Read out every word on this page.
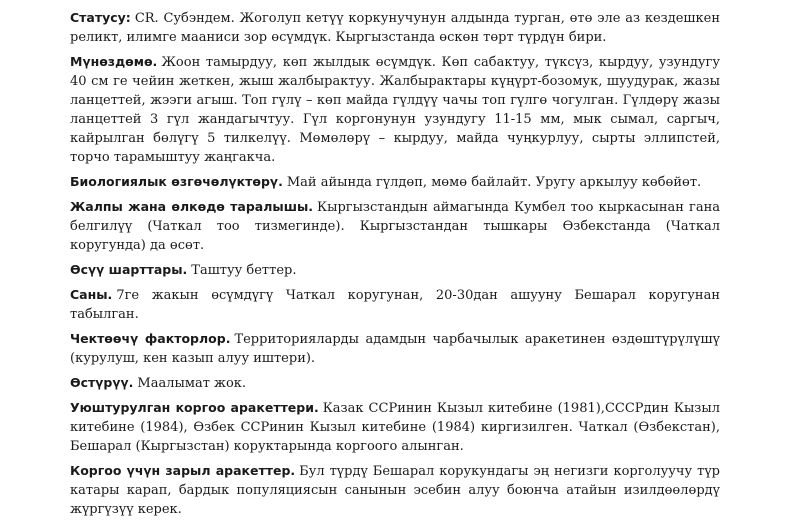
Статусу: CR. Субэндем. Жоголуп кетүү коркунучунун алдында турган, өтө эле аз кездешкен реликт, илимге мааниси зор өсүмдүк. Кыргызстанда өскөн төрт түрдүн бири.

Мүнөздөмө. Жоон тамырдуу, көп жылдык өсүмдүк. Көп сабактуу, түксүз, кырдуу, узундугу 40 см ге чейин жеткен, жыш жалбырактуу. Жалбырактары күңүрт-бозомук, шуудурак, жазы ланцеттей, жээги агыш. Топ гүлү – көп майда гүлдүү чачы топ гүлгө чогулган. Гүлдөрү жазы ланцеттей 3 гүл жандагычтуу. Гүл коргонунун узундугу 11-15 мм, мык сымал, саргыч, кайрылган бөлүгү 5 тилкелүү. Мөмөлөрү – кырдуу, майда чуңкурлуу, сырты эллипстей, торчо тарамыштуу жаңгакча.

Биологиялык өзгөчөлүктөрү. Май айында гүлдөп, мөмө байлайт. Уругу аркылуу көбөйөт.

Жалпы жана өлкөдө таралышы. Кыргызстандын аймагында Кумбел тоо кыркасынан гана белгилүү (Чаткал тоо тизмегинде). Кыргызстандан тышкары Өзбекстанда (Чаткал коругунда) да өсөт.

Өсүү шарттары. Таштуу беттер.

Саны. 7ге жакын өсүмдүгү Чаткал коругунан, 20-30дан ашууну Бешарал коругунан табылган.

Чектөөчү факторлор. Территорияларды адамдын чарбачылык аракетинен өздөштүрүлүшү (курулуш, кен казып алуу иштери).

Өстүрүү. Маалымат жок.

Уюштурулган коргоо аракеттери. Казак ССРинин Кызыл китебине (1981),СССРдин Кызыл китебине (1984), Өзбек ССРинин Кызыл китебине (1984) киргизилген. Чаткал (Өзбекстан), Бешарал (Кыргызстан) коруктарында коргоого алынган.

Коргоо үчүн зарыл аракеттер. Бул түрдү Бешарал корукундагы эң негизги корголуучу түр катары карап, бардык популяциясын санынын эсебин алуу боюнча атайын изилдөөлөрдү жүргүзүү керек.
